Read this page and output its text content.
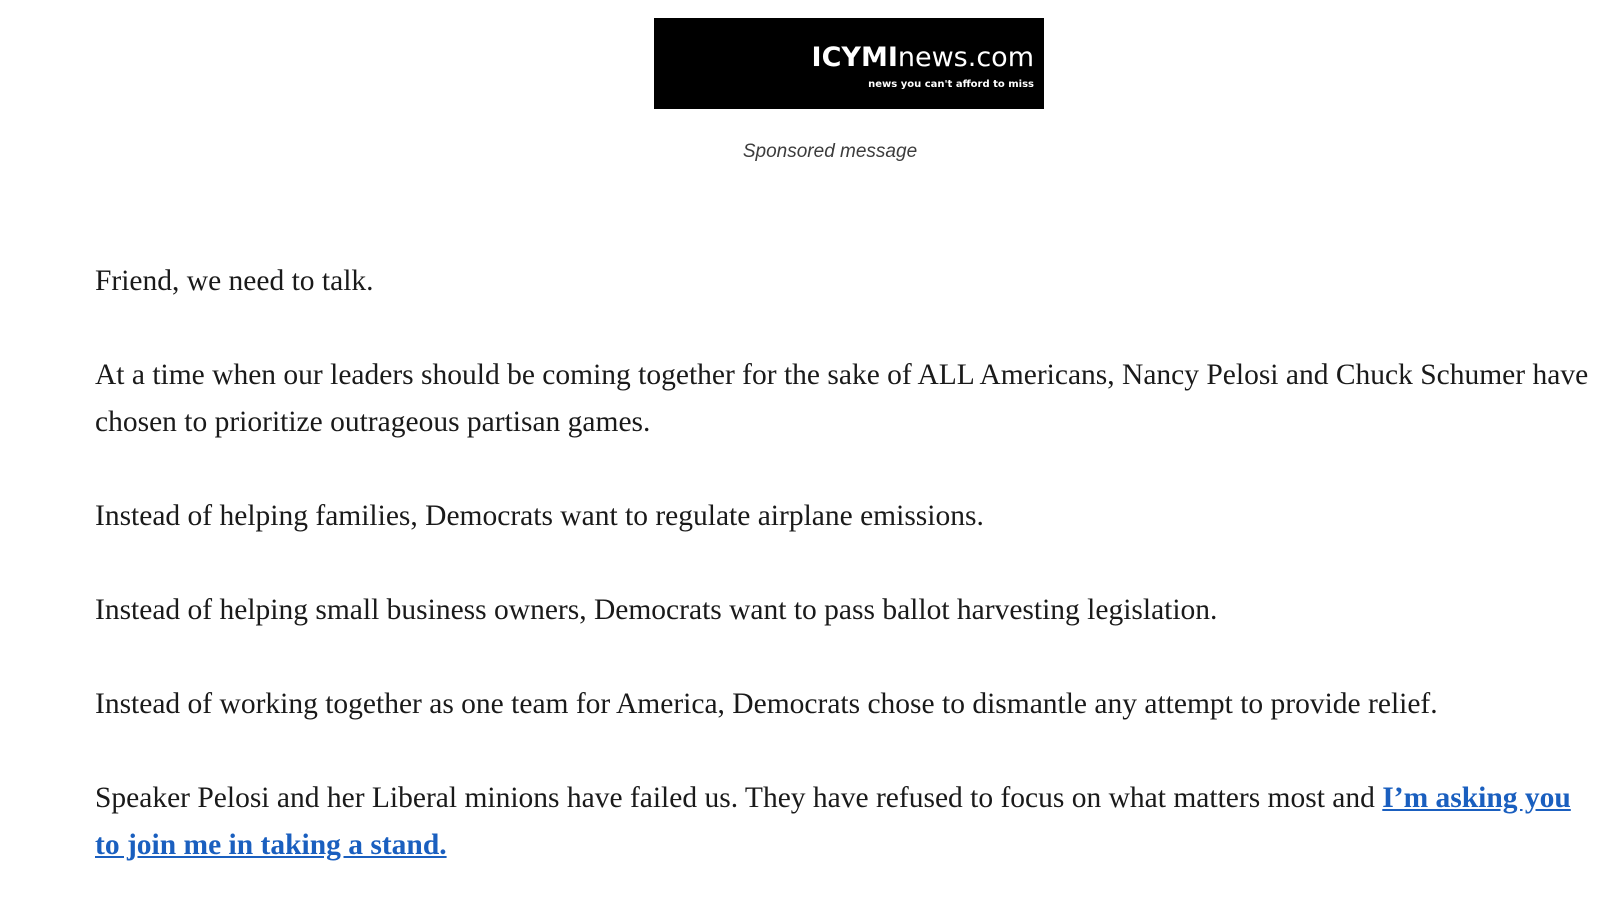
ICYMInews.com
news you can't afford to miss
Sponsored message

Friend, we need to talk.

At a time when our leaders should be coming together for the sake of ALL Americans, Nancy Pelosi and Chuck Schumer have chosen to prioritize outrageous partisan games.

Instead of helping families, Democrats want to regulate airplane emissions.

Instead of helping small business owners, Democrats want to pass ballot harvesting legislation.

Instead of working together as one team for America, Democrats chose to dismantle any attempt to provide relief.

Speaker Pelosi and her Liberal minions have failed us. They have refused to focus on what matters most and I’m asking you to join me in taking a stand.
